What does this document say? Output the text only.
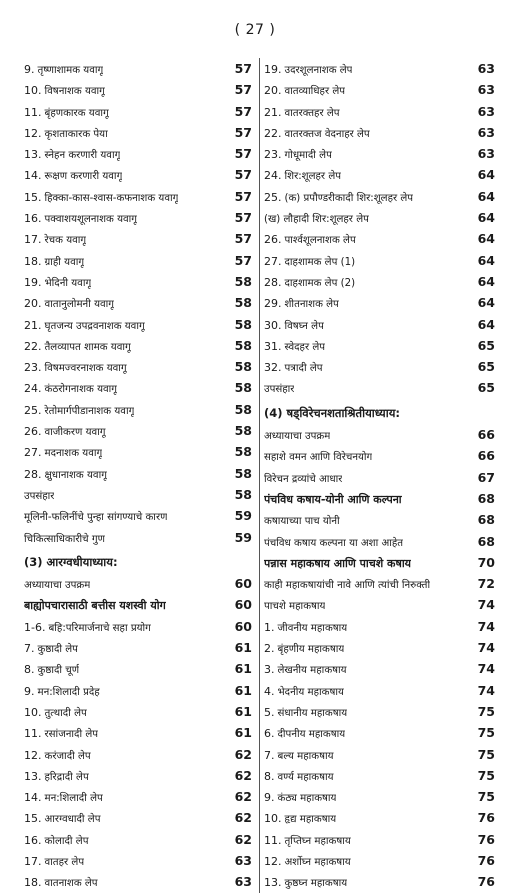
( 27 )
9. तृष्णाशामक यवागू	57
10. विषनाशक यवागू	57
11. बृंहणकारक यवागू	57
12. कृशताकारक पेया	57
13. स्नेहन करणारी यवागू	57
14. रूक्षण करणारी यवागू	57
15. हिक्का-कास-श्वास-कफनाशक यवागू	57
16. पक्वाशयशूलनाशक यवागू	57
17. रेचक यवागू	57
18. ग्राही यवागू	57
19. भेदिनी यवागू	58
20. वातानुलोमनी यवागू	58
21. घृतजन्य उपद्रवनाशक यवागू	58
22. तैलव्यापत शामक यवागू	58
23. विषमज्वरनाशक यवागू	58
24. कंठरोगनाशक यवागू	58
25. रेतोमार्गपीडानाशक यवागू	58
26. वाजीकरण यवागू	58
27. मदनाशक यवागू	58
28. क्षुधानाशक यवागू	58
उपसंहार	58
मूलिनी-फलिनींचे पुन्हा सांगण्याचे कारण	59
चिकित्साधिकारीचे गुण	59
(3) आरग्वधीयाध्याय:
अध्यायाचा उपक्रम	60
बाह्योपचारासाठी बत्तीस यशस्वी योग	60
1-6. बहि:परिमार्जनाचे सहा प्रयोग	60
7. कुष्ठादी लेप	61
8. कुष्ठादी चूर्ण	61
9. मन:शिलादी प्रदेह	61
10. तुत्थादी लेप	61
11. रसांजनादी लेप	61
12. करंजादी लेप	62
13. हरिद्रादी लेप	62
14. मन:शिलादी लेप	62
15. आरग्वधादी लेप	62
16. कोलादी लेप	62
17. वातहर लेप	63
18. वातनाशक लेप	63
19. उदरशूलनाशक लेप	63
20. वातव्याधिहर लेप	63
21. वातरक्तहर लेप	63
22. वातरक्तज वेदनाहर लेप	63
23. गोधूमादी लेप	63
24. शिर:शूलहर लेप	64
25. (क) प्रपौण्डरीकादी शिर:शूलहर लेप	64
(ख) लौहादी शिर:शूलहर लेप	64
26. पार्श्वशूलनाशक लेप	64
27. दाहशामक लेप (1)	64
28. दाहशामक लेप (2)	64
29. शीतनाशक लेप	64
30. विषघ्न लेप	64
31. स्वेदहर लेप	65
32. पत्रादी लेप	65
उपसंहार	65
(4) षड्विरेचनशताश्रितीयाध्याय:
अध्यायाचा उपक्रम	66
सहाशे वमन आणि विरेचनयोग	66
विरेचन द्रव्यांचे आधार	67
पंचविध कषाय-योनी आणि कल्पना	68
कषायाच्या पाच योनी	68
पंचविध कषाय कल्पना या अशा आहेत	68
पन्नास महाकषाय आणि पाचशे कषाय	70
काही महाकषायांची नावे आणि त्यांची निरुक्ती	72
पाचशे महाकषाय	74
1. जीवनीय महाकषाय	74
2. बृंहणीय महाकषाय	74
3. लेखनीय महाकषाय	74
4. भेदनीय महाकषाय	74
5. संधानीय महाकषाय	75
6. दीपनीय महाकषाय	75
7. बल्य महाकषाय	75
8. वर्ण्य महाकषाय	75
9. कंठ्य महाकषाय	75
10. हृद्य महाकषाय	76
11. तृप्तिघ्न महाकषाय	76
12. अर्शोघ्न महाकषाय	76
13. कुष्ठघ्न महाकषाय	76
